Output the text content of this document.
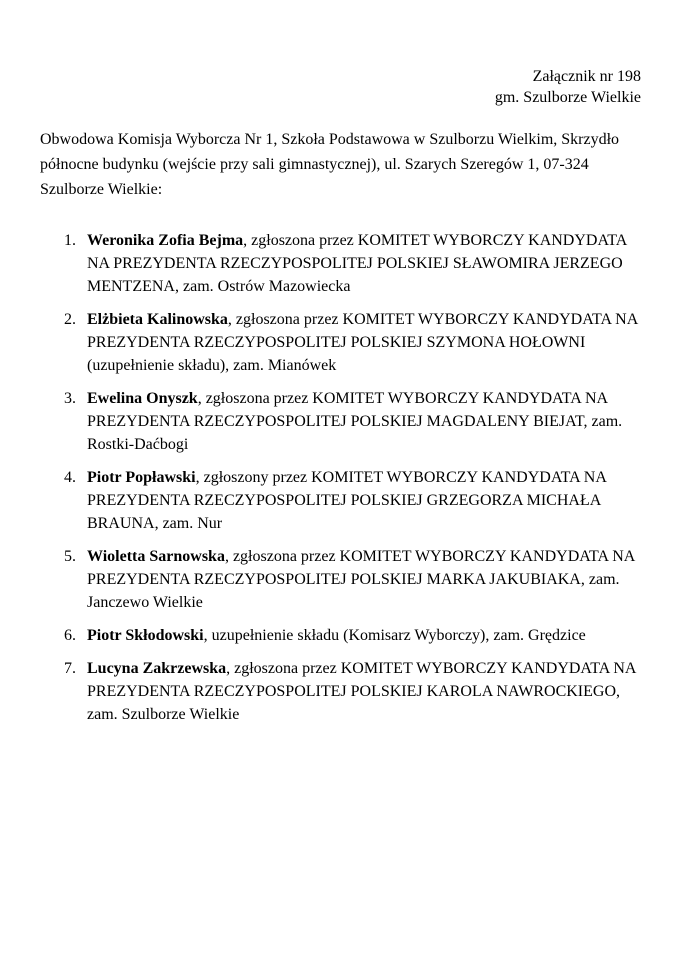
Załącznik nr 198
gm. Szulborze Wielkie

Obwodowa Komisja Wyborcza Nr 1, Szkoła Podstawowa w Szulborzu Wielkim, Skrzydło północne budynku (wejście przy sali gimnastycznej), ul. Szarych Szeregów 1, 07-324 Szulborze Wielkie:

1. Weronika Zofia Bejma, zgłoszona przez KOMITET WYBORCZY KANDYDATA NA PREZYDENTA RZECZYPOSPOLITEJ POLSKIEJ SŁAWOMIRA JERZEGO MENTZENA, zam. Ostrów Mazowiecka
2. Elżbieta Kalinowska, zgłoszona przez KOMITET WYBORCZY KANDYDATA NA PREZYDENTA RZECZYPOSPOLITEJ POLSKIEJ SZYMONA HOŁOWNI (uzupełnienie składu), zam. Mianówek
3. Ewelina Onyszk, zgłoszona przez KOMITET WYBORCZY KANDYDATA NA PREZYDENTA RZECZYPOSPOLITEJ POLSKIEJ MAGDALENY BIEJAT, zam. Rostki-Daćbogi
4. Piotr Popławski, zgłoszony przez KOMITET WYBORCZY KANDYDATA NA PREZYDENTA RZECZYPOSPOLITEJ POLSKIEJ GRZEGORZA MICHAŁA BRAUNA, zam. Nur
5. Wioletta Sarnowska, zgłoszona przez KOMITET WYBORCZY KANDYDATA NA PREZYDENTA RZECZYPOSPOLITEJ POLSKIEJ MARKA JAKUBIAKA, zam. Janczewo Wielkie
6. Piotr Skłodowski, uzupełnienie składu (Komisarz Wyborczy), zam. Grędzice
7. Lucyna Zakrzewska, zgłoszona przez KOMITET WYBORCZY KANDYDATA NA PREZYDENTA RZECZYPOSPOLITEJ POLSKIEJ KAROLA NAWROCKIEGO, zam. Szulborze Wielkie
